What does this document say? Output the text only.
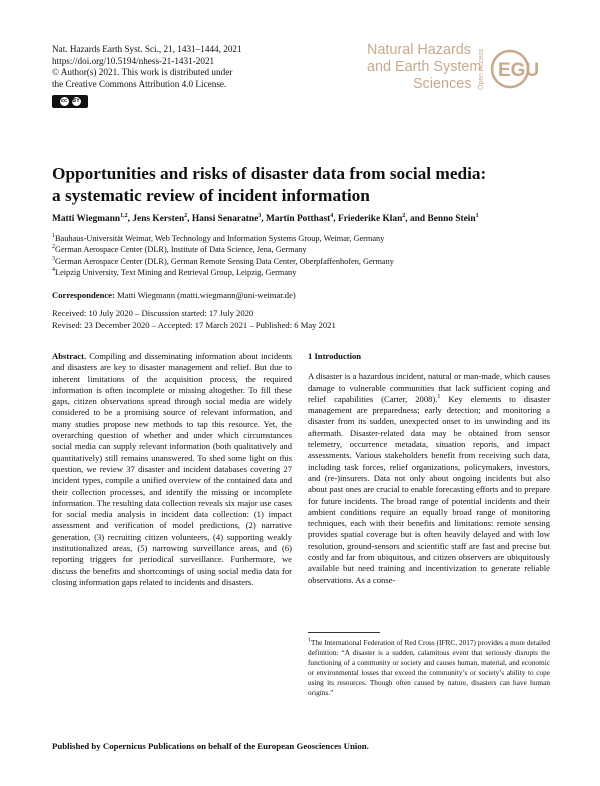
Nat. Hazards Earth Syst. Sci., 21, 1431–1444, 2021
https://doi.org/10.5194/nhess-21-1431-2021
© Author(s) 2021. This work is distributed under
the Creative Commons Attribution 4.0 License.
cc BY
Natural Hazards
and Earth System
Sciences Open Access EGU
Opportunities and risks of disaster data from social media:
a systematic review of incident information
Matti Wiegmann$^{1,2}$, Jens Kersten$^2$, Hansi Senaratne$^3$, Martin Potthast$^4$, Friederike Klan$^2$, and Benno Stein$^1$
$^1$Bauhaus-Universität Weimar, Web Technology and Information Systems Group, Weimar, Germany
$^2$German Aerospace Center (DLR), Institute of Data Science, Jena, Germany
$^3$German Aerospace Center (DLR), German Remote Sensing Data Center, Oberpfaffenhofen, Germany
$^4$Leipzig University, Text Mining and Retrieval Group, Leipzig, Germany
Correspondence: Matti Wiegmann (matti.wiegmann@uni-weimar.de)
Received: 10 July 2020 – Discussion started: 17 July 2020
Revised: 23 December 2020 – Accepted: 17 March 2021 – Published: 6 May 2021
Abstract. Compiling and disseminating information about incidents and disasters are key to disaster management and relief. But due to inherent limitations of the acquisition process, the required information is often incomplete or missing altogether. To fill these gaps, citizen observations spread through social media are widely considered to be a promising source of relevant information, and many studies propose new methods to tap this resource. Yet, the overarching question of whether and under which circumstances social media can supply relevant information (both qualitatively and quantitatively) still remains unanswered. To shed some light on this question, we review 37 disaster and incident databases covering 27 incident types, compile a unified overview of the contained data and their collection processes, and identify the missing or incomplete information. The resulting data collection reveals six major use cases for social media analysis in incident data collection: (1) impact assessment and verification of model predictions, (2) narrative generation, (3) recruiting citizen volunteers, (4) supporting weakly institutionalized areas, (5) narrowing surveillance areas, and (6) reporting triggers for periodical surveillance. Furthermore, we discuss the benefits and shortcomings of using social media data for closing information gaps related to incidents and disasters.
1 Introduction
A disaster is a hazardous incident, natural or man-made, which causes damage to vulnerable communities that lack sufficient coping and relief capabilities (Carter, 2008).$^1$ Key elements to disaster management are preparedness; early detection; and monitoring a disaster from its sudden, unexpected onset to its unwinding and its aftermath. Disaster-related data may be obtained from sensor telemetry, occurrence metadata, situation reports, and impact assessments. Various stakeholders benefit from receiving such data, including task forces, relief organizations, policymakers, investors, and (re-)insurers. Data not only about ongoing incidents but also about past ones are crucial to enable forecasting efforts and to prepare for future incidents. The broad range of potential incidents and their ambient conditions require an equally broad range of monitoring techniques, each with their benefits and limitations: remote sensing provides spatial coverage but is often heavily delayed and with low resolution, ground-sensors and scientific staff are fast and precise but costly and far from ubiquitous, and citizen observers are ubiquitously available but need training and incentivization to generate reliable observations. As a conse-
$^1$The International Federation of Red Cross (IFRC, 2017) provides a more detailed definition: “A disaster is a sudden, calamitous event that seriously disrupts the functioning of a community or society and causes human, material, and economic or environmental losses that exceed the community’s or society’s ability to cope using its resources. Though often caused by nature, disasters can have human origins.”
Published by Copernicus Publications on behalf of the European Geosciences Union.
